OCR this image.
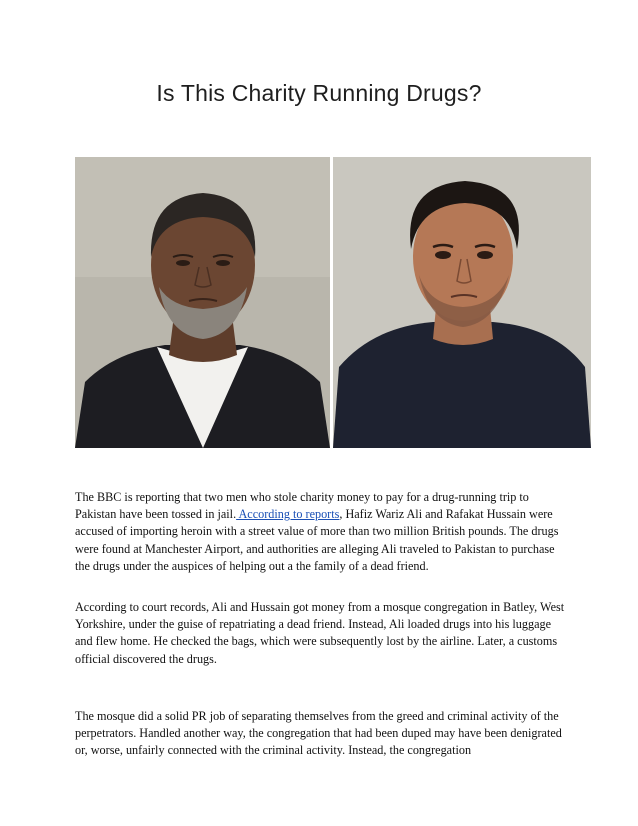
Is This Charity Running Drugs?

The BBC is reporting that two men who stole charity money to pay for a drug-running trip to Pakistan have been tossed in jail. According to reports, Hafiz Wariz Ali and Rafakat Hussain were accused of importing heroin with a street value of more than two million British pounds. The drugs were found at Manchester Airport, and authorities are alleging Ali traveled to Pakistan to purchase the drugs under the auspices of helping out a the family of a dead friend.

According to court records, Ali and Hussain got money from a mosque congregation in Batley, West Yorkshire, under the guise of repatriating a dead friend. Instead, Ali loaded drugs into his luggage and flew home. He checked the bags, which were subsequently lost by the airline. Later, a customs official discovered the drugs.

The mosque did a solid PR job of separating themselves from the greed and criminal activity of the perpetrators. Handled another way, the congregation that had been duped may have been denigrated or, worse, unfairly connected with the criminal activity. Instead, the congregation
